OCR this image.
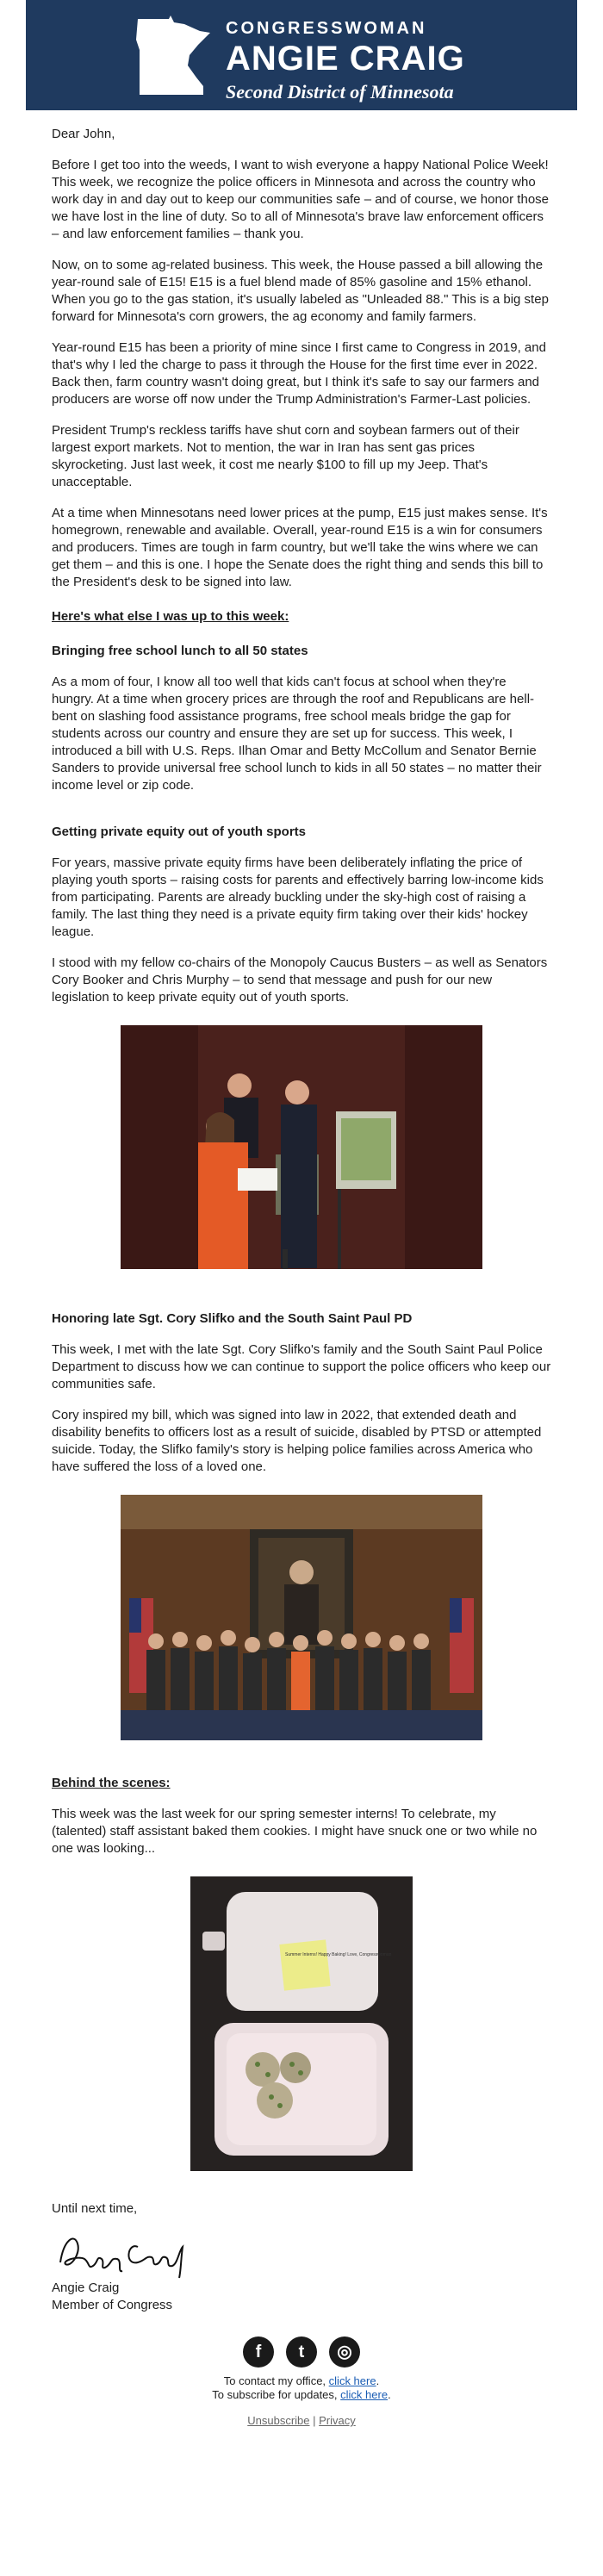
CONGRESSWOMAN
ANGIE CRAIG
Second District of Minnesota

Dear John,

Before I get too into the weeds, I want to wish everyone a happy National Police Week! This week, we recognize the police officers in Minnesota and across the country who work day in and day out to keep our communities safe – and of course, we honor those we have lost in the line of duty. So to all of Minnesota's brave law enforcement officers – and law enforcement families – thank you.

Now, on to some ag-related business. This week, the House passed a bill allowing the year-round sale of E15! E15 is a fuel blend made of 85% gasoline and 15% ethanol. When you go to the gas station, it's usually labeled as "Unleaded 88." This is a big step forward for Minnesota's corn growers, the ag economy and family farmers.

Year-round E15 has been a priority of mine since I first came to Congress in 2019, and that's why I led the charge to pass it through the House for the first time ever in 2022. Back then, farm country wasn't doing great, but I think it's safe to say our farmers and producers are worse off now under the Trump Administration's Farmer-Last policies.

President Trump's reckless tariffs have shut corn and soybean farmers out of their largest export markets. Not to mention, the war in Iran has sent gas prices skyrocketing. Just last week, it cost me nearly $100 to fill up my Jeep. That's unacceptable.

At a time when Minnesotans need lower prices at the pump, E15 just makes sense. It's homegrown, renewable and available. Overall, year-round E15 is a win for consumers and producers. Times are tough in farm country, but we'll take the wins where we can get them – and this is one. I hope the Senate does the right thing and sends this bill to the President's desk to be signed into law.

Here's what else I was up to this week:
Bringing free school lunch to all 50 states

As a mom of four, I know all too well that kids can't focus at school when they're hungry. At a time when grocery prices are through the roof and Republicans are hell-bent on slashing food assistance programs, free school meals bridge the gap for students across our country and ensure they are set up for success. This week, I introduced a bill with U.S. Reps. Ilhan Omar and Betty McCollum and Senator Bernie Sanders to provide universal free school lunch to kids in all 50 states – no matter their income level or zip code.

Getting private equity out of youth sports

For years, massive private equity firms have been deliberately inflating the price of playing youth sports – raising costs for parents and effectively barring low-income kids from participating. Parents are already buckling under the sky-high cost of raising a family. The last thing they need is a private equity firm taking over their kids' hockey league.

I stood with my fellow co-chairs of the Monopoly Caucus Busters – as well as Senators Cory Booker and Chris Murphy – to send that message and push for our new legislation to keep private equity out of youth sports.

Honoring late Sgt. Cory Slifko and the South Saint Paul PD

This week, I met with the late Sgt. Cory Slifko's family and the South Saint Paul Police Department to discuss how we can continue to support the police officers who keep our communities safe.

Cory inspired my bill, which was signed into law in 2022, that extended death and disability benefits to officers lost as a result of suicide, disabled by PTSD or attempted suicide. Today, the Slifko family's story is helping police families across America who have suffered the loss of a loved one.

Behind the scenes:

This week was the last week for our spring semester interns! To celebrate, my (talented) staff assistant baked them cookies. I might have snuck one or two while no one was looking...

Summer Interns! Happy Baking! Love, Congresswoman

Until next time,

Angie Craig

Member of Congress

f	t	◎
To contact my office, click here.
To subscribe for updates, click here.
Unsubscribe | Privacy
